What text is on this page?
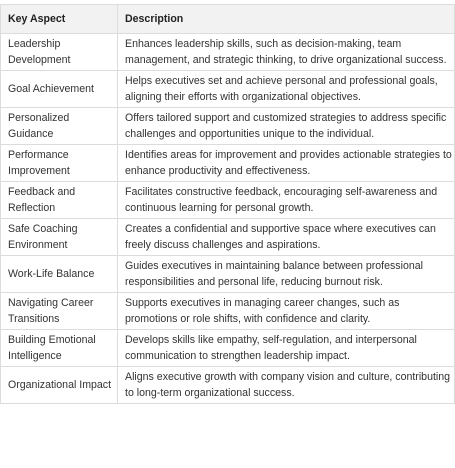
Key Aspect	Description
Leadership Development	Enhances leadership skills, such as decision-making, team management, and strategic thinking, to drive organizational success.
Goal Achievement	Helps executives set and achieve personal and professional goals, aligning their efforts with organizational objectives.
Personalized Guidance	Offers tailored support and customized strategies to address specific challenges and opportunities unique to the individual.
Performance Improvement	Identifies areas for improvement and provides actionable strategies to enhance productivity and effectiveness.
Feedback and Reflection	Facilitates constructive feedback, encouraging self-awareness and continuous learning for personal growth.
Safe Coaching Environment	Creates a confidential and supportive space where executives can freely discuss challenges and aspirations.
Work-Life Balance	Guides executives in maintaining balance between professional responsibilities and personal life, reducing burnout risk.
Navigating Career Transitions	Supports executives in managing career changes, such as promotions or role shifts, with confidence and clarity.
Building Emotional Intelligence	Develops skills like empathy, self-regulation, and interpersonal communication to strengthen leadership impact.
Organizational Impact	Aligns executive growth with company vision and culture, contributing to long-term organizational success.
